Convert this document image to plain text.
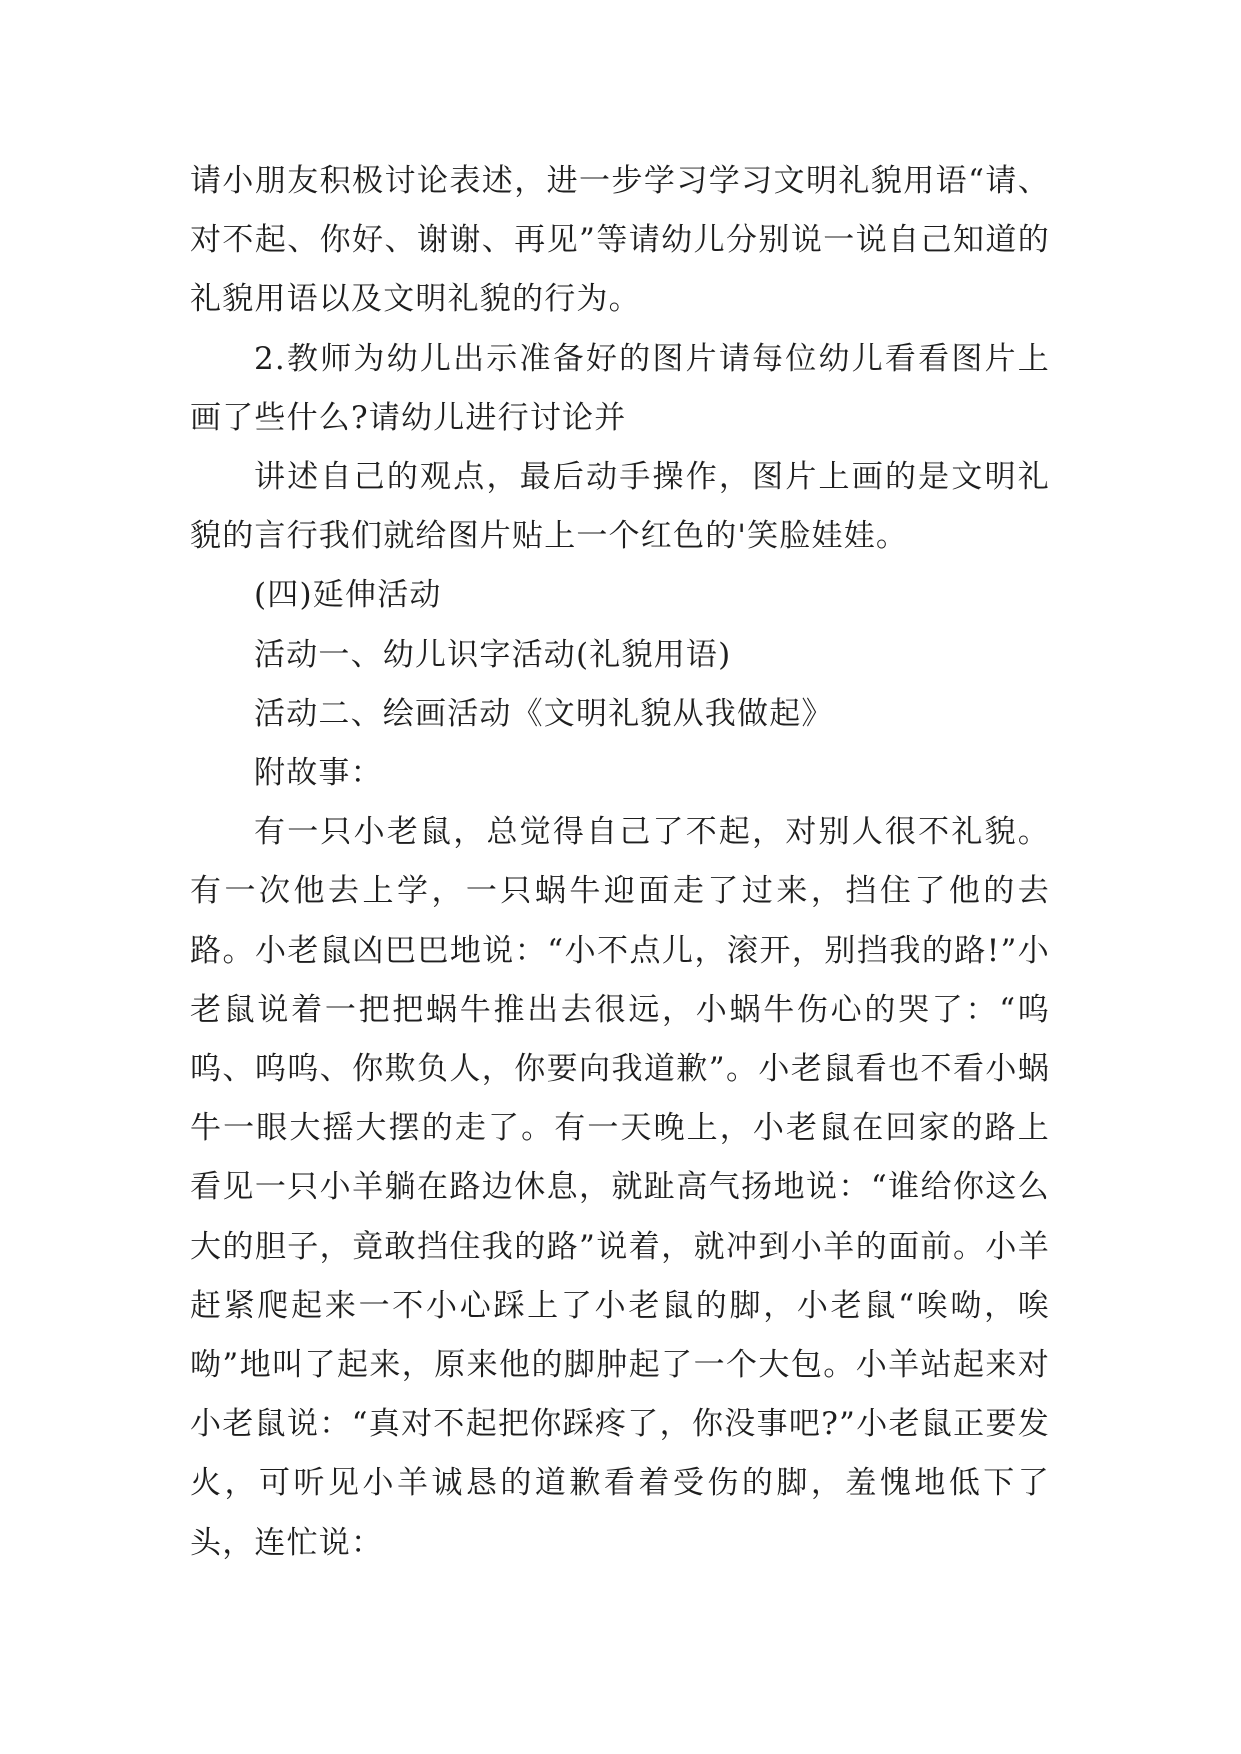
请小朋友积极讨论表述，进一步学习学习文明礼貌用语“请、对不起、你好、谢谢、再见”等请幼儿分别说一说自己知道的礼貌用语以及文明礼貌的行为。

2.教师为幼儿出示准备好的图片请每位幼儿看看图片上画了些什么?请幼儿进行讨论并

讲述自己的观点，最后动手操作，图片上画的是文明礼貌的言行我们就给图片贴上一个红色的'笑脸娃娃。

(四)延伸活动

活动一、幼儿识字活动(礼貌用语)

活动二、绘画活动《文明礼貌从我做起》

附故事：

有一只小老鼠，总觉得自己了不起，对别人很不礼貌。有一次他去上学，一只蜗牛迎面走了过来，挡住了他的去路。小老鼠凶巴巴地说：“小不点儿，滚开，别挡我的路!”小老鼠说着一把把蜗牛推出去很远，小蜗牛伤心的哭了：“呜呜、呜呜、你欺负人，你要向我道歉”。小老鼠看也不看小蜗牛一眼大摇大摆的走了。有一天晚上，小老鼠在回家的路上看见一只小羊躺在路边休息，就趾高气扬地说：“谁给你这么大的胆子，竟敢挡住我的路”说着，就冲到小羊的面前。小羊赶紧爬起来一不小心踩上了小老鼠的脚，小老鼠“唉呦，唉呦”地叫了起来，原来他的脚肿起了一个大包。小羊站起来对小老鼠说：“真对不起把你踩疼了，你没事吧?”小老鼠正要发火，可听见小羊诚恳的道歉看着受伤的脚，羞愧地低下了头，连忙说：
